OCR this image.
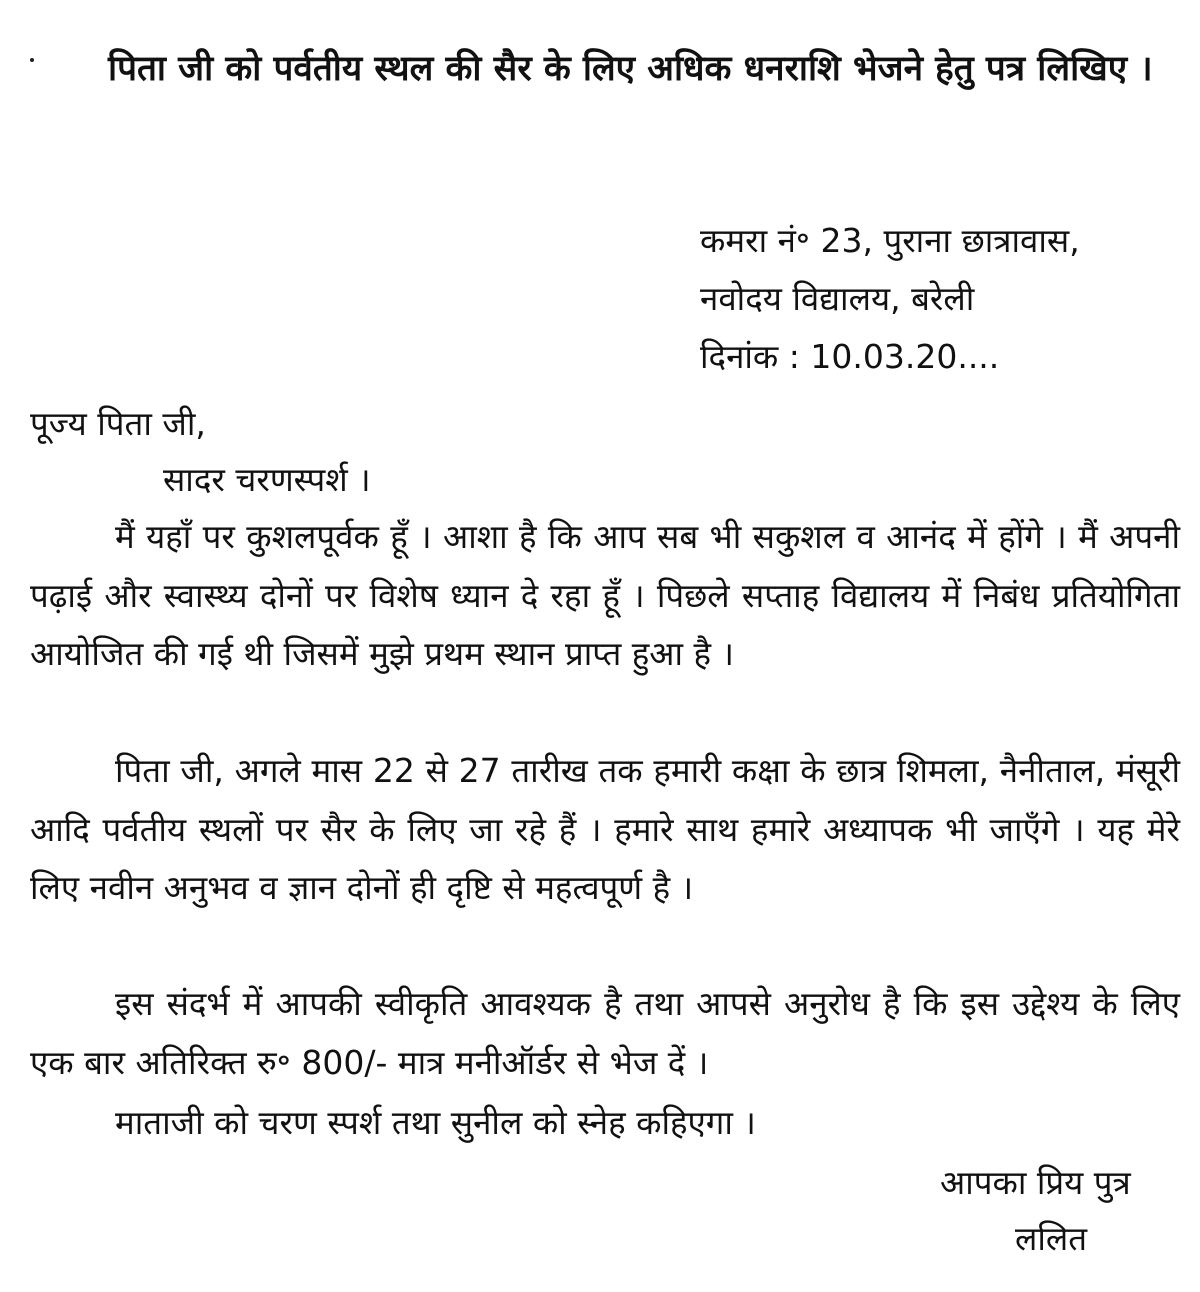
पिता जी को पर्वतीय स्थल की सैर के लिए अधिक धनराशि भेजने हेतु पत्र लिखिए ।
कमरा नं॰ 23, पुराना छात्रावास,
नवोदय विद्यालय, बरेली
दिनांक : 10.03.20....
पूज्य पिता जी,
सादर चरणस्पर्श ।

मैं यहाँ पर कुशलपूर्वक हूँ । आशा है कि आप सब भी सकुशल व आनंद में होंगे । मैं अपनी पढ़ाई और स्वास्थ्य दोनों पर विशेष ध्यान दे रहा हूँ । पिछले सप्ताह विद्यालय में निबंध प्रतियोगिता आयोजित की गई थी जिसमें मुझे प्रथम स्थान प्राप्त हुआ है ।

पिता जी, अगले मास 22 से 27 तारीख तक हमारी कक्षा के छात्र शिमला, नैनीताल, मंसूरी आदि पर्वतीय स्थलों पर सैर के लिए जा रहे हैं । हमारे साथ हमारे अध्यापक भी जाएँगे । यह मेरे लिए नवीन अनुभव व ज्ञान दोनों ही दृष्टि से महत्वपूर्ण है ।

इस संदर्भ में आपकी स्वीकृति आवश्यक है तथा आपसे अनुरोध है कि इस उद्देश्य के लिए एक बार अतिरिक्त रु॰ 800/- मात्र मनीऑर्डर से भेज दें ।

माताजी को चरण स्पर्श तथा सुनील को स्नेह कहिएगा ।
आपका प्रिय पुत्र
ललित
